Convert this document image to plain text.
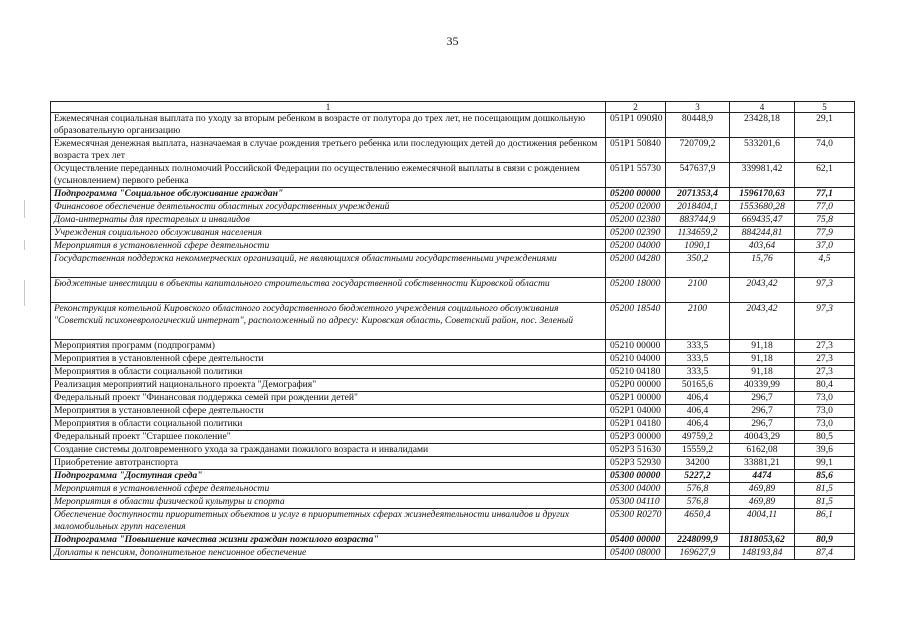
35
1	2	3	4	5
Ежемесячная социальная выплата по уходу за вторым ребенком в возрасте от полутора до трех лет, не посещающим дошкольную образовательную организацию	051P1 090Я0	80448,9	23428,18	29,1
Ежемесячная денежная выплата, назначаемая в случае рождения третьего ребенка или последующих детей до достижения ребенком возраста трех лет	051P1 50840	720709,2	533201,6	74,0
Осуществление переданных полномочий Российской Федерации по осуществлению ежемесячной выплаты в связи с рождением (усыновлением) первого ребенка	051P1 55730	547637,9	339981,42	62,1
Подпрограмма "Социальное обслуживание граждан"	05200 00000	2071353,4	1596170,63	77,1
Финансовое обеспечение деятельности областных государственных учреждений	05200 02000	2018404,1	1553680,28	77,0
Дома-интернаты для престарелых и инвалидов	05200 02380	883744,9	669435,47	75,8
Учреждения социального обслуживания населения	05200 02390	1134659,2	884244,81	77,9
Мероприятия в установленной сфере деятельности	05200 04000	1090,1	403,64	37,0
Государственная поддержка некоммерческих организаций, не являющихся областными государственными учреждениями	05200 04280	350,2	15,76	4,5
Бюджетные инвестиции в объекты капитального строительства государственной собственности Кировской области	05200 18000	2100	2043,42	97,3
Реконструкция котельной Кировского областного государственного бюджетного учреждения социального обслуживания "Советский психоневрологический интернат", расположенный по адресу: Кировская область, Советский район, пос. Зеленый	05200 18540	2100	2043,42	97,3
Мероприятия программ (подпрограмм)	05210 00000	333,5	91,18	27,3
Мероприятия в установленной сфере деятельности	05210 04000	333,5	91,18	27,3
Мероприятия в области социальной политики	05210 04180	333,5	91,18	27,3
Реализация мероприятий национального проекта "Демография"	052P0 00000	50165,6	40339,99	80,4
Федеральный проект "Финансовая поддержка семей при рождении детей"	052P1 00000	406,4	296,7	73,0
Мероприятия в установленной сфере деятельности	052P1 04000	406,4	296,7	73,0
Мероприятия в области социальной политики	052P1 04180	406,4	296,7	73,0
Федеральный проект "Старшее поколение"	052P3 00000	49759,2	40043,29	80,5
Создание системы долговременного ухода за гражданами пожилого возраста и инвалидами	052P3 51630	15559,2	6162,08	39,6
Приобретение автотранспорта	052P3 52930	34200	33881,21	99,1
Подпрограмма "Доступная среда"	05300 00000	5227,2	4474	85,6
Мероприятия в установленной сфере деятельности	05300 04000	576,8	469,89	81,5
Мероприятия в области физической культуры и спорта	05300 04110	576,8	469,89	81,5
Обеспечение доступности приоритетных объектов и услуг в приоритетных сферах жизнедеятельности инвалидов и других маломобильных групп населения	05300 R0270	4650,4	4004,11	86,1
Подпрограмма "Повышение качества жизни граждан пожилого возраста"	05400 00000	2248099,9	1818053,62	80,9
Доплаты к пенсиям, дополнительное пенсионное обеспечение	05400 08000	169627,9	148193,84	87,4
